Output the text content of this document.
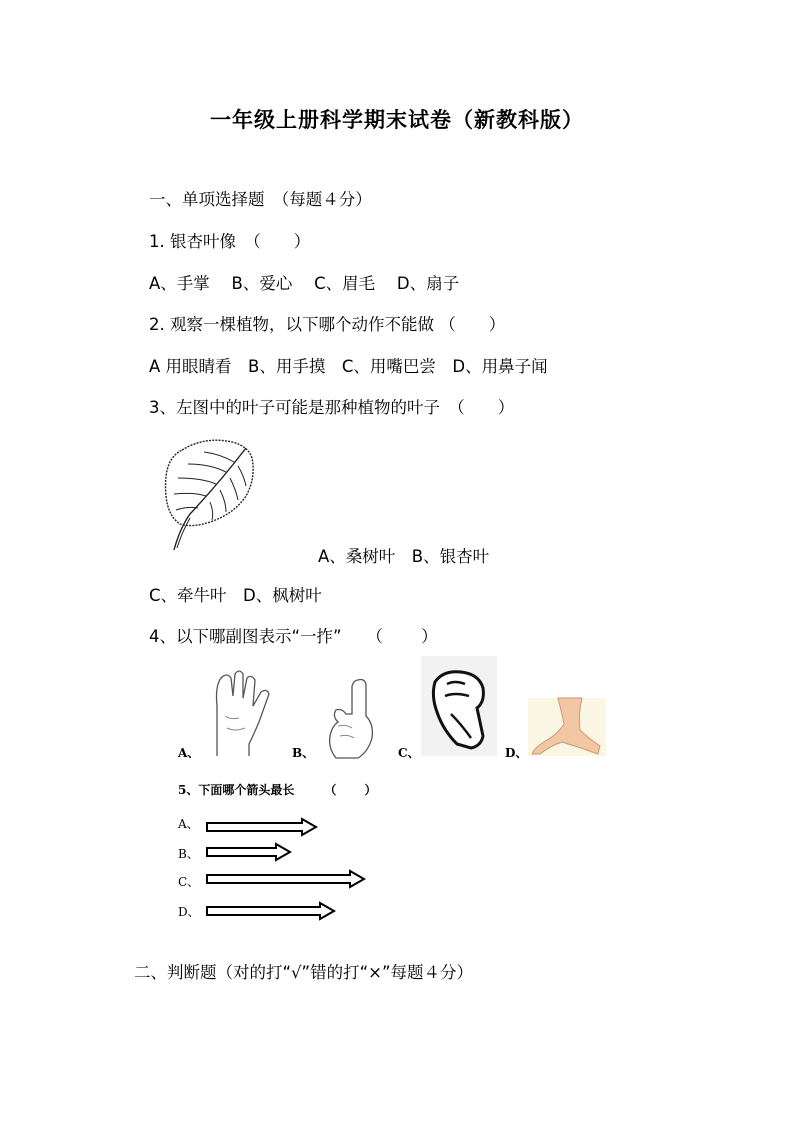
一年级上册科学期末试卷（新教科版）
一、单项选择题　（每题４分）
1. 银杏叶像　（　　）
A、手掌　 B、爱心　 C、眉毛　 D、扇子
2. 观察一棵植物，以下哪个动作不能做 （　　）
A 用眼睛看　B、用手摸　C、用嘴巴尝　D、用鼻子闻
3、左图中的叶子可能是那种植物的叶子　（　　）
A、桑树叶　B、银杏叶
C、牵牛叶　D、枫树叶
4、以下哪副图表示“一拃”　　（　　 ）
A、	B、	C、	D、
5、下面哪个箭头最长　　　（　　 ）
A、
B、
C、
D、
二、判断题（对的打“√”错的打“×”每题４分）
